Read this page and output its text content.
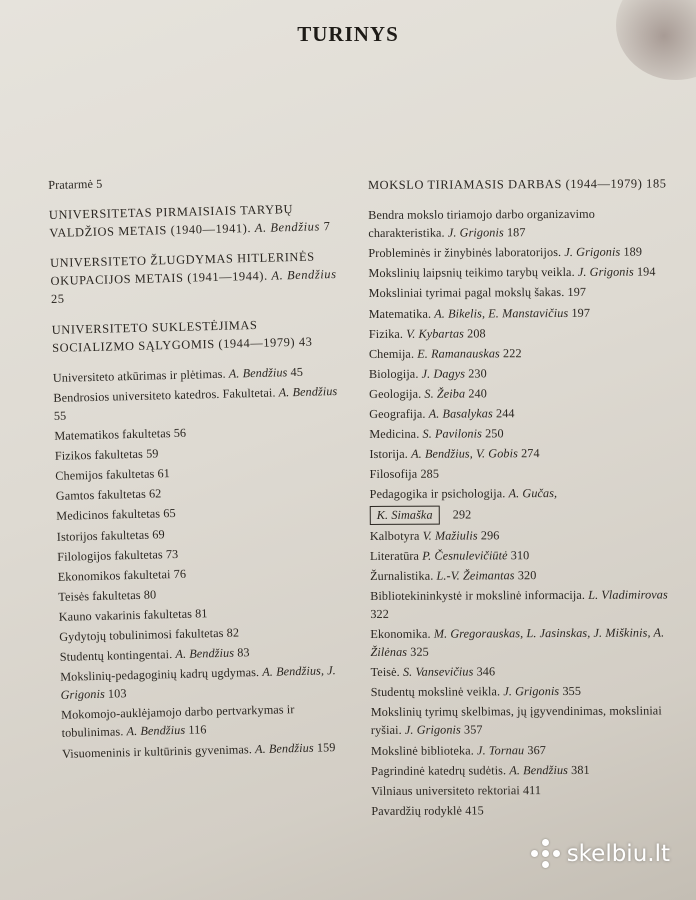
TURINYS

Pratarmė 5

UNIVERSITETAS PIRMAISIAIS TARYBŲ VALDŽIOS METAIS (1940—1941). A. Bendžius 7

UNIVERSITETO ŽLUGDYMAS HITLERINĖS OKUPACIJOS METAIS (1941—1944). A. Bendžius 25

UNIVERSITETO SUKLESTĖJIMAS SOCIALIZMO SĄLYGOMIS (1944—1979) 43

Universiteto atkūrimas ir plėtimas. A. Bendžius 45

Bendrosios universiteto katedros. Fakultetai. A. Bendžius 55

Matematikos fakultetas 56

Fizikos fakultetas 59

Chemijos fakultetas 61

Gamtos fakultetas 62

Medicinos fakultetas 65

Istorijos fakultetas 69

Filologijos fakultetas 73

Ekonomikos fakultetai 76

Teisės fakultetas 80

Kauno vakarinis fakultetas 81

Gydytojų tobulinimosi fakultetas 82

Studentų kontingentai. A. Bendžius 83

Mokslinių-pedagoginių kadrų ugdymas. A. Bendžius, J. Grigonis 103

Mokomojo-auklėjamojo darbo pertvarkymas ir tobulinimas. A. Bendžius 116

Visuomeninis ir kultūrinis gyvenimas. A. Bendžius 159

MOKSLO TIRIAMASIS DARBAS (1944—1979) 185

Bendra mokslo tiriamojo darbo organizavimo charakteristika. J. Grigonis 187

Probleminės ir žinybinės laboratorijos. J. Grigonis 189

Mokslinių laipsnių teikimo tarybų veikla. J. Grigonis 194

Moksliniai tyrimai pagal mokslų šakas. 197

Matematika. A. Bikelis, E. Manstavičius 197

Fizika. V. Kybartas 208

Chemija. E. Ramanauskas 222

Biologija. J. Dagys 230

Geologija. S. Žeiba 240

Geografija. A. Basalykas 244

Medicina. S. Pavilonis 250

Istorija. A. Bendžius, V. Gobis 274

Filosofija 285

Pedagogika ir psichologija. A. Gučas,

K. Simaška 292

Kalbotyra V. Mažiulis 296

Literatūra P. Česnulevičiūtė 310

Žurnalistika. L.-V. Žeimantas 320

Bibliotekininkystė ir mokslinė informacija. L. Vladimirovas 322

Ekonomika. M. Gregorauskas, L. Jasinskas, J. Miškinis, A. Žilėnas 325

Teisė. S. Vansevičius 346

Studentų mokslinė veikla. J. Grigonis 355

Mokslinių tyrimų skelbimas, jų įgyvendinimas, moksliniai ryšiai. J. Grigonis 357

Mokslinė biblioteka. J. Tornau 367

Pagrindinė katedrų sudėtis. A. Bendžius 381

Vilniaus universiteto rektoriai 411

Pavardžių rodyklė 415

skelbiu.lt
